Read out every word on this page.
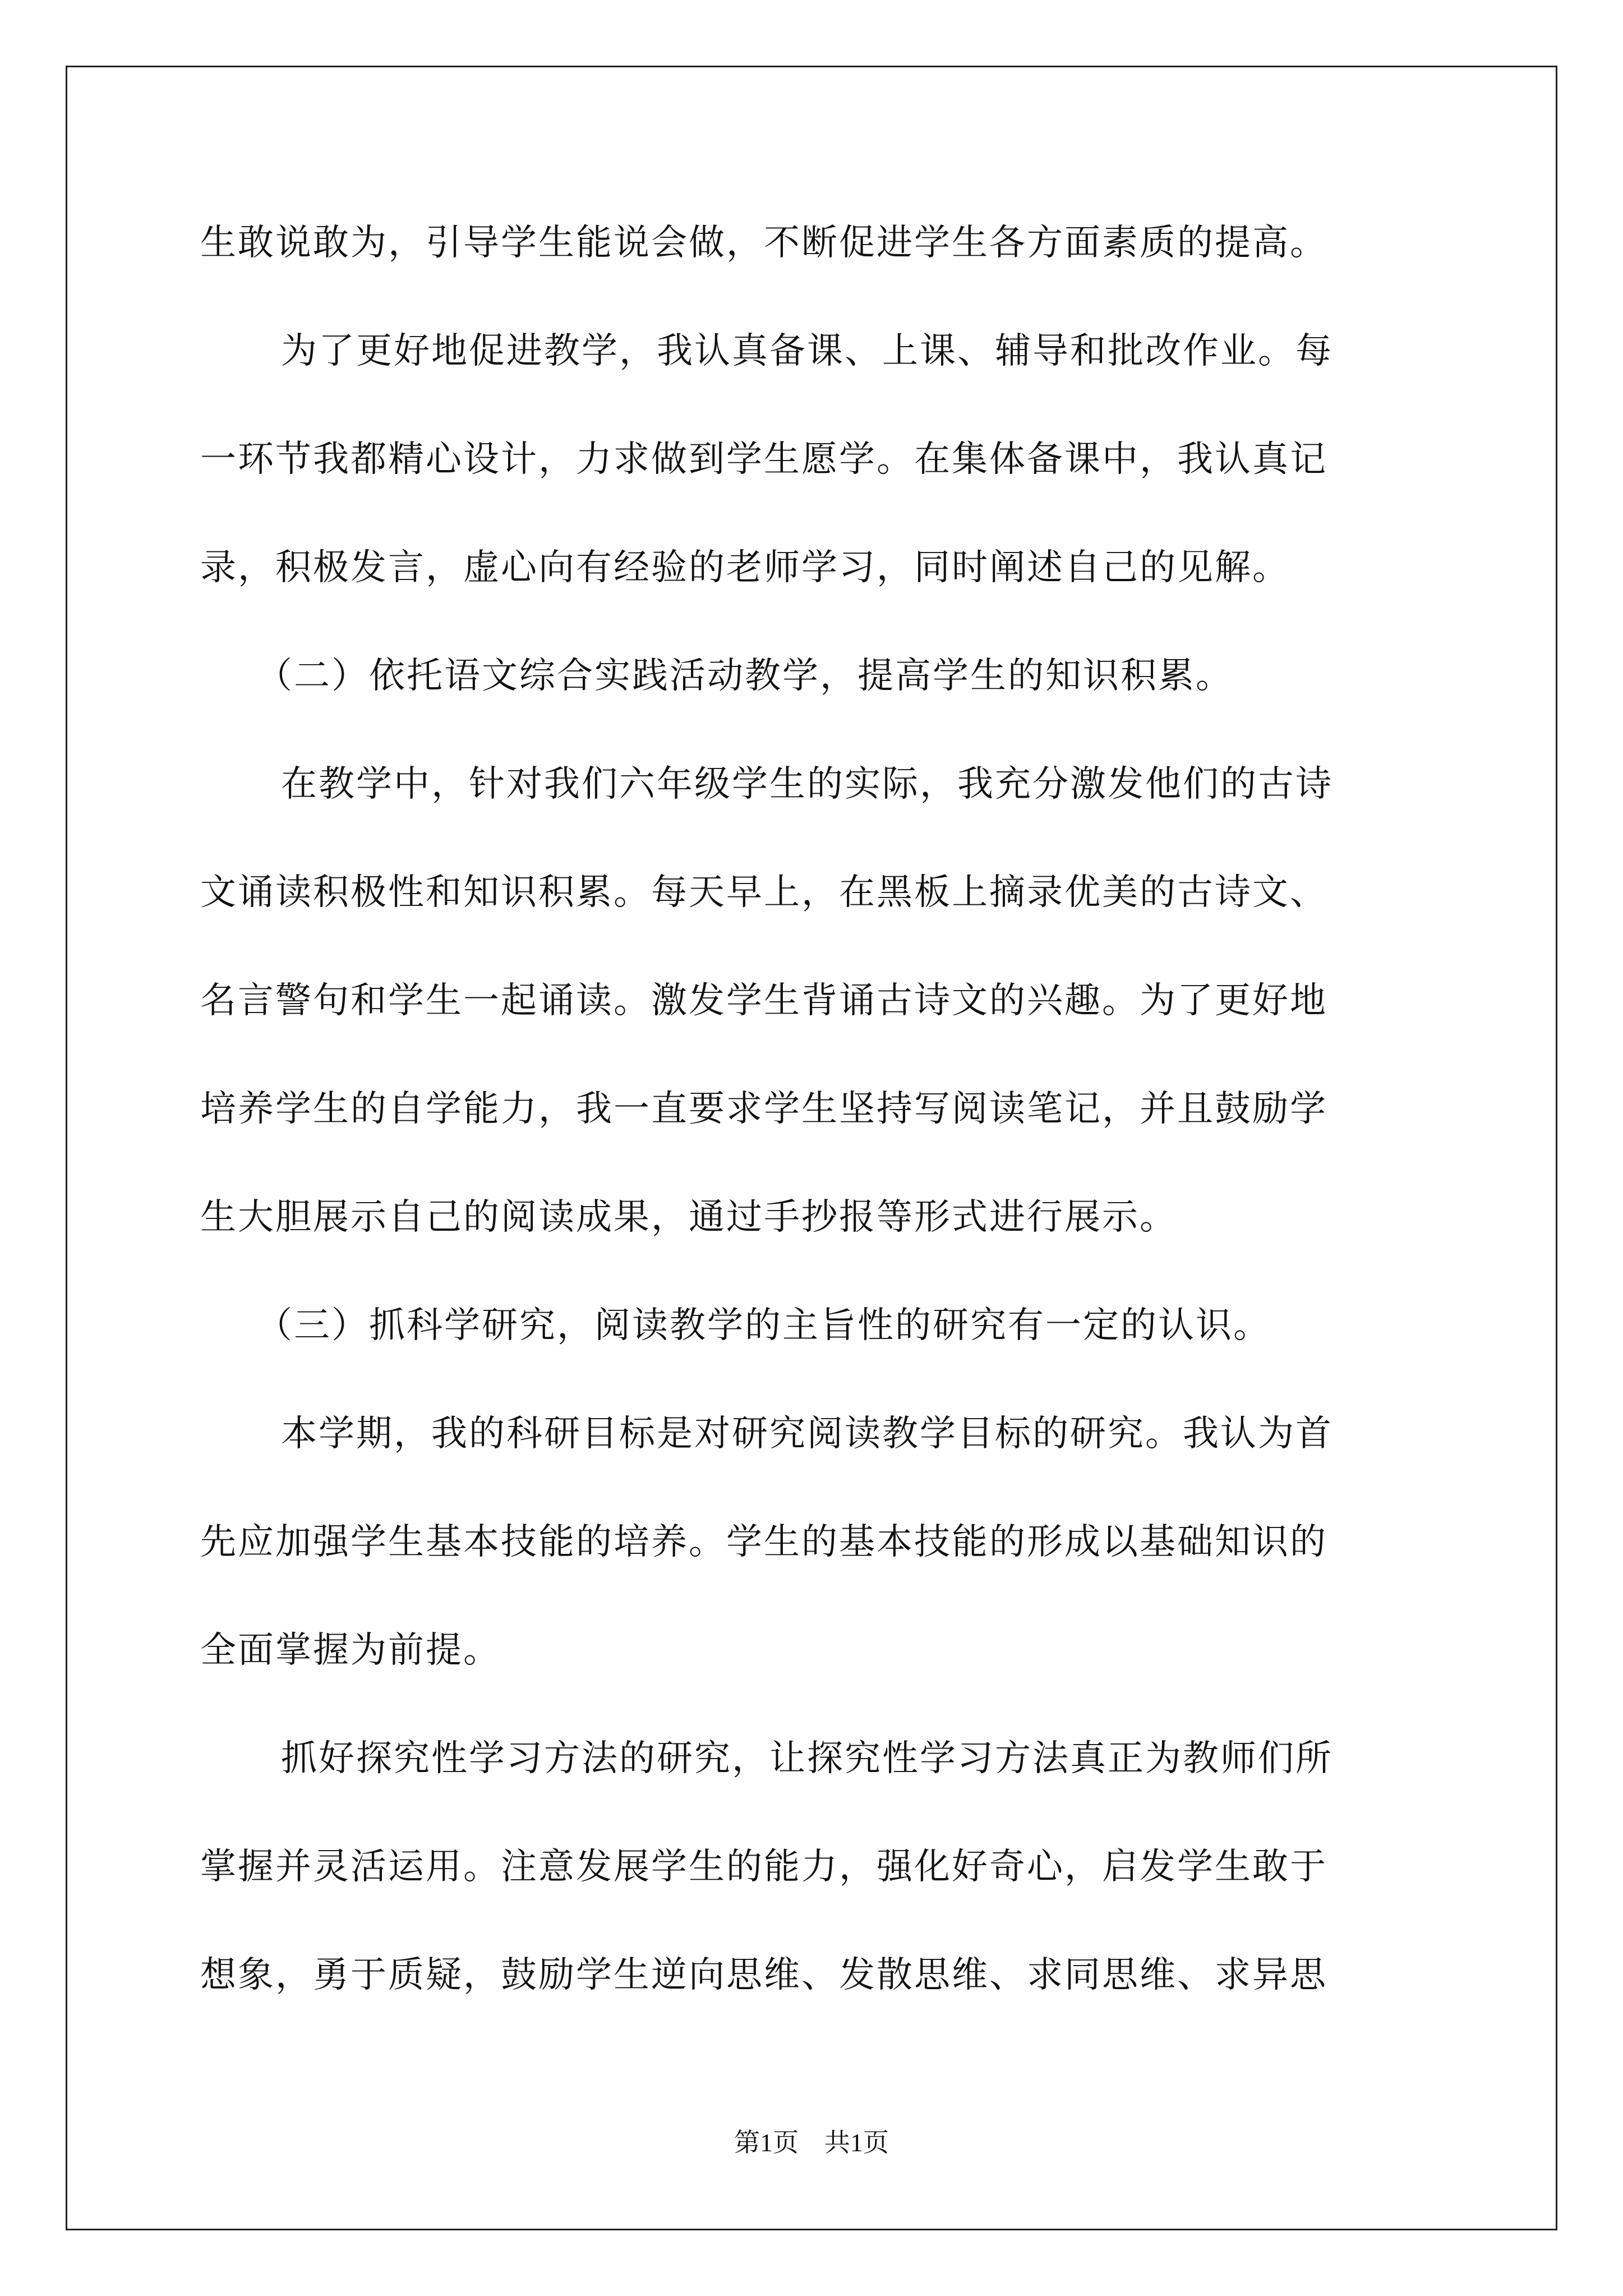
生敢说敢为，引导学生能说会做，不断促进学生各方面素质的提高。
为了更好地促进教学，我认真备课、上课、辅导和批改作业。每
一环节我都精心设计，力求做到学生愿学。在集体备课中，我认真记
录，积极发言，虚心向有经验的老师学习，同时阐述自己的见解。
（二）依托语文综合实践活动教学，提高学生的知识积累。
在教学中，针对我们六年级学生的实际，我充分激发他们的古诗
文诵读积极性和知识积累。每天早上，在黑板上摘录优美的古诗文、
名言警句和学生一起诵读。激发学生背诵古诗文的兴趣。为了更好地
培养学生的自学能力，我一直要求学生坚持写阅读笔记，并且鼓励学
生大胆展示自己的阅读成果，通过手抄报等形式进行展示。
（三）抓科学研究，阅读教学的主旨性的研究有一定的认识。
本学期，我的科研目标是对研究阅读教学目标的研究。我认为首
先应加强学生基本技能的培养。学生的基本技能的形成以基础知识的
全面掌握为前提。
抓好探究性学习方法的研究，让探究性学习方法真正为教师们所
掌握并灵活运用。注意发展学生的能力，强化好奇心，启发学生敢于
想象，勇于质疑，鼓励学生逆向思维、发散思维、求同思维、求异思
第1页　共1页
